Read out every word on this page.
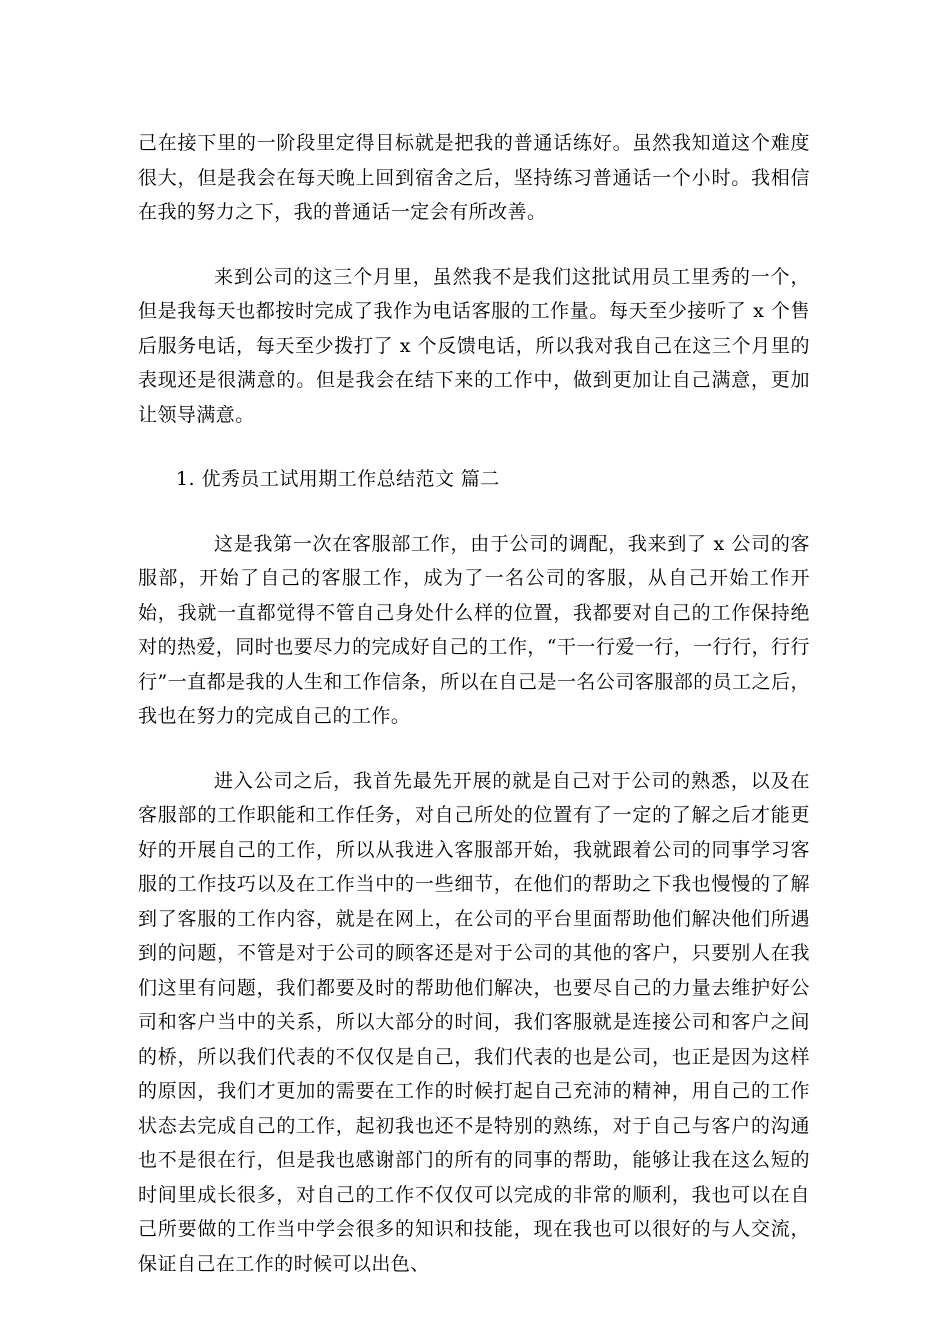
己在接下里的一阶段里定得目标就是把我的普通话练好。虽然我知道这个难度很大，但是我会在每天晚上回到宿舍之后，坚持练习普通话一个小时。我相信在我的努力之下，我的普通话一定会有所改善。

来到公司的这三个月里，虽然我不是我们这批试用员工里秀的一个，但是我每天也都按时完成了我作为电话客服的工作量。每天至少接听了 x 个售后服务电话，每天至少拨打了 x 个反馈电话，所以我对我自己在这三个月里的表现还是很满意的。但是我会在结下来的工作中，做到更加让自己满意，更加让领导满意。

1. 优秀员工试用期工作总结范文 篇二

这是我第一次在客服部工作，由于公司的调配，我来到了 x 公司的客服部，开始了自己的客服工作，成为了一名公司的客服，从自己开始工作开始，我就一直都觉得不管自己身处什么样的位置，我都要对自己的工作保持绝对的热爱，同时也要尽力的完成好自己的工作，“干一行爱一行，一行行，行行行”一直都是我的人生和工作信条，所以在自己是一名公司客服部的员工之后，我也在努力的完成自己的工作。

进入公司之后，我首先最先开展的就是自己对于公司的熟悉，以及在客服部的工作职能和工作任务，对自己所处的位置有了一定的了解之后才能更好的开展自己的工作，所以从我进入客服部开始，我就跟着公司的同事学习客服的工作技巧以及在工作当中的一些细节，在他们的帮助之下我也慢慢的了解到了客服的工作内容，就是在网上，在公司的平台里面帮助他们解决他们所遇到的问题，不管是对于公司的顾客还是对于公司的其他的客户，只要别人在我们这里有问题，我们都要及时的帮助他们解决，也要尽自己的力量去维护好公司和客户当中的关系，所以大部分的时间，我们客服就是连接公司和客户之间的桥，所以我们代表的不仅仅是自己，我们代表的也是公司，也正是因为这样的原因，我们才更加的需要在工作的时候打起自己充沛的精神，用自己的工作状态去完成自己的工作，起初我也还不是特别的熟练，对于自己与客户的沟通也不是很在行，但是我也感谢部门的所有的同事的帮助，能够让我在这么短的时间里成长很多，对自己的工作不仅仅可以完成的非常的顺利，我也可以在自己所要做的工作当中学会很多的知识和技能，现在我也可以很好的与人交流，保证自己在工作的时候可以出色、
